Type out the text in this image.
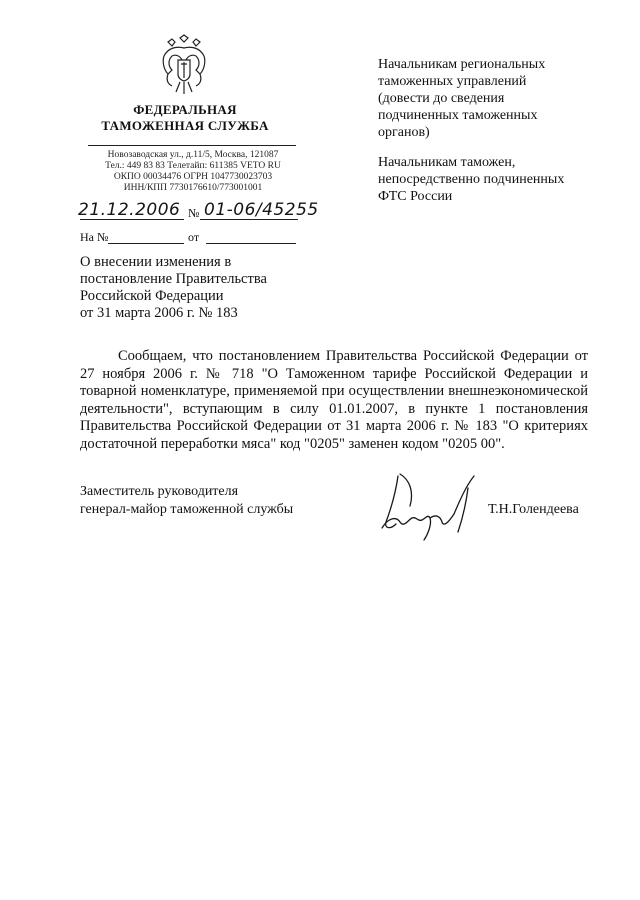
ФЕДЕРАЛЬНАЯ
ТАМОЖЕННАЯ СЛУЖБА
Новозаводская ул., д.11/5, Москва, 121087
Тел.: 449 83 83 Телетайп: 611385 VETO RU
ОКПО 00034476 ОГРН 1047730023703
ИНН/КПП 7730176610/773001001
21.12.2006 № 01-06/45255
На №	от
О внесении изменения в
постановление Правительства
Российской Федерации
от 31 марта 2006 г. № 183
Начальникам региональных
таможенных управлений
(довести до сведения
подчиненных таможенных
органов)
Начальникам таможен,
непосредственно подчиненных
ФТС России

Сообщаем, что постановлением Правительства Российской Федерации от 27 ноября 2006 г. № 718 "О Таможенном тарифе Российской Федерации и товарной номенклатуре, применяемой при осуществлении внешнеэкономической деятельности", вступающим в силу 01.01.2007, в пункте 1 постановления Правительства Российской Федерации от 31 марта 2006 г. № 183 "О критериях достаточной переработки мяса" код "0205" заменен кодом "0205 00".

Заместитель руководителя
генерал-майор таможенной службы	Т.Н.Голендеева
